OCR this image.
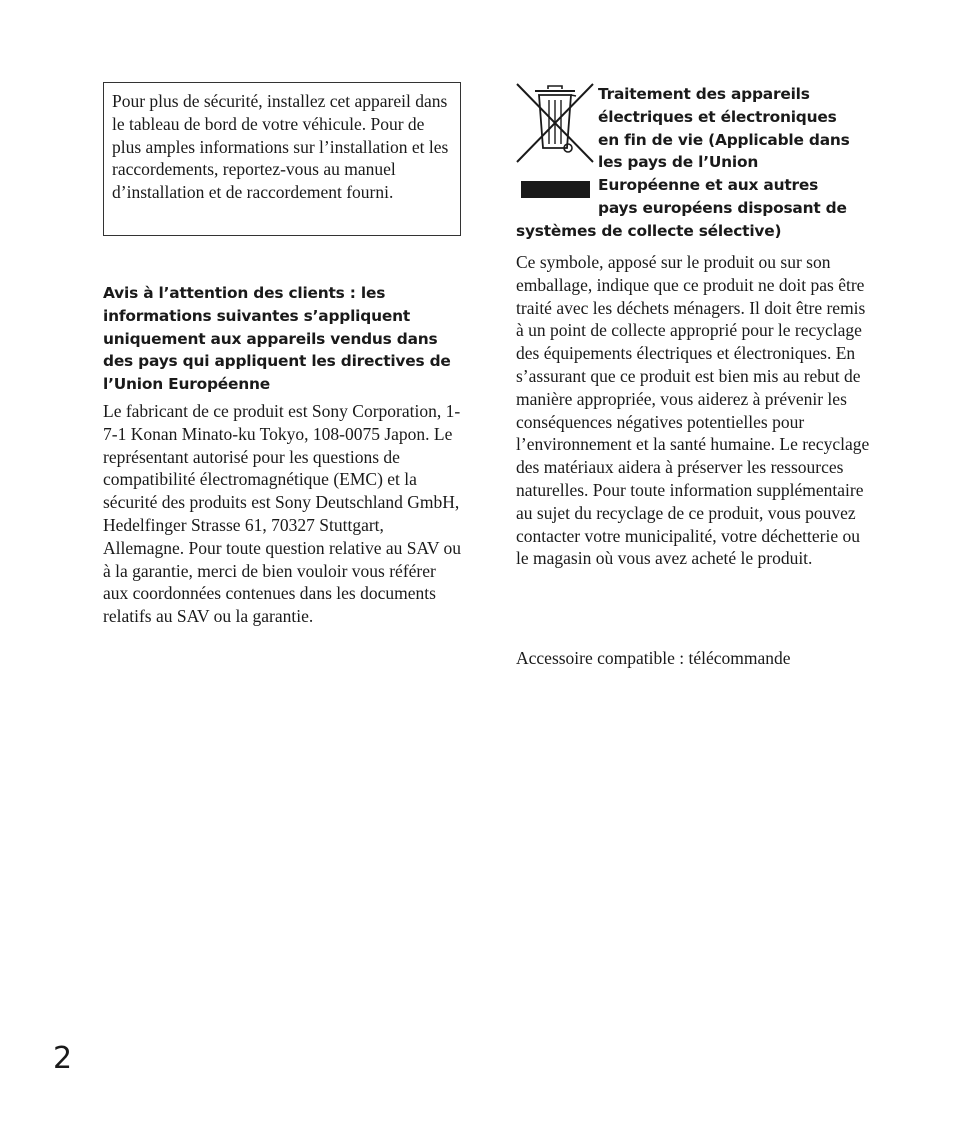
Pour plus de sécurité, installez cet appareil dans le tableau de bord de votre véhicule. Pour de plus amples informations sur l’installation et les raccordements, reportez-vous au manuel d’installation et de raccordement fourni.

Avis à l’attention des clients : les informations suivantes s’appliquent uniquement aux appareils vendus dans des pays qui appliquent les directives de l’Union Européenne
Le fabricant de ce produit est Sony Corporation, 1-7-1 Konan Minato-ku Tokyo, 108-0075 Japon. Le représentant autorisé pour les questions de compatibilité électromagnétique (EMC) et la sécurité des produits est Sony Deutschland GmbH, Hedelfinger Strasse 61, 70327 Stuttgart, Allemagne. Pour toute question relative au SAV ou à la garantie, merci de bien vouloir vous référer aux coordonnées contenues dans les documents relatifs au SAV ou la garantie.
Traitement des appareils
électriques et électroniques
en fin de vie (Applicable dans
les pays de l’Union
Européenne et aux autres
pays européens disposant de
systèmes de collecte sélective)
Ce symbole, apposé sur le produit ou sur son emballage, indique que ce produit ne doit pas être traité avec les déchets ménagers. Il doit être remis à un point de collecte approprié pour le recyclage des équipements électriques et électroniques. En s’assurant que ce produit est bien mis au rebut de manière appropriée, vous aiderez à prévenir les conséquences négatives potentielles pour l’environnement et la santé humaine. Le recyclage des matériaux aidera à préserver les ressources naturelles. Pour toute information supplémentaire au sujet du recyclage de ce produit, vous pouvez contacter votre municipalité, votre déchetterie ou le magasin où vous avez acheté le produit.
Accessoire compatible : télécommande
2
